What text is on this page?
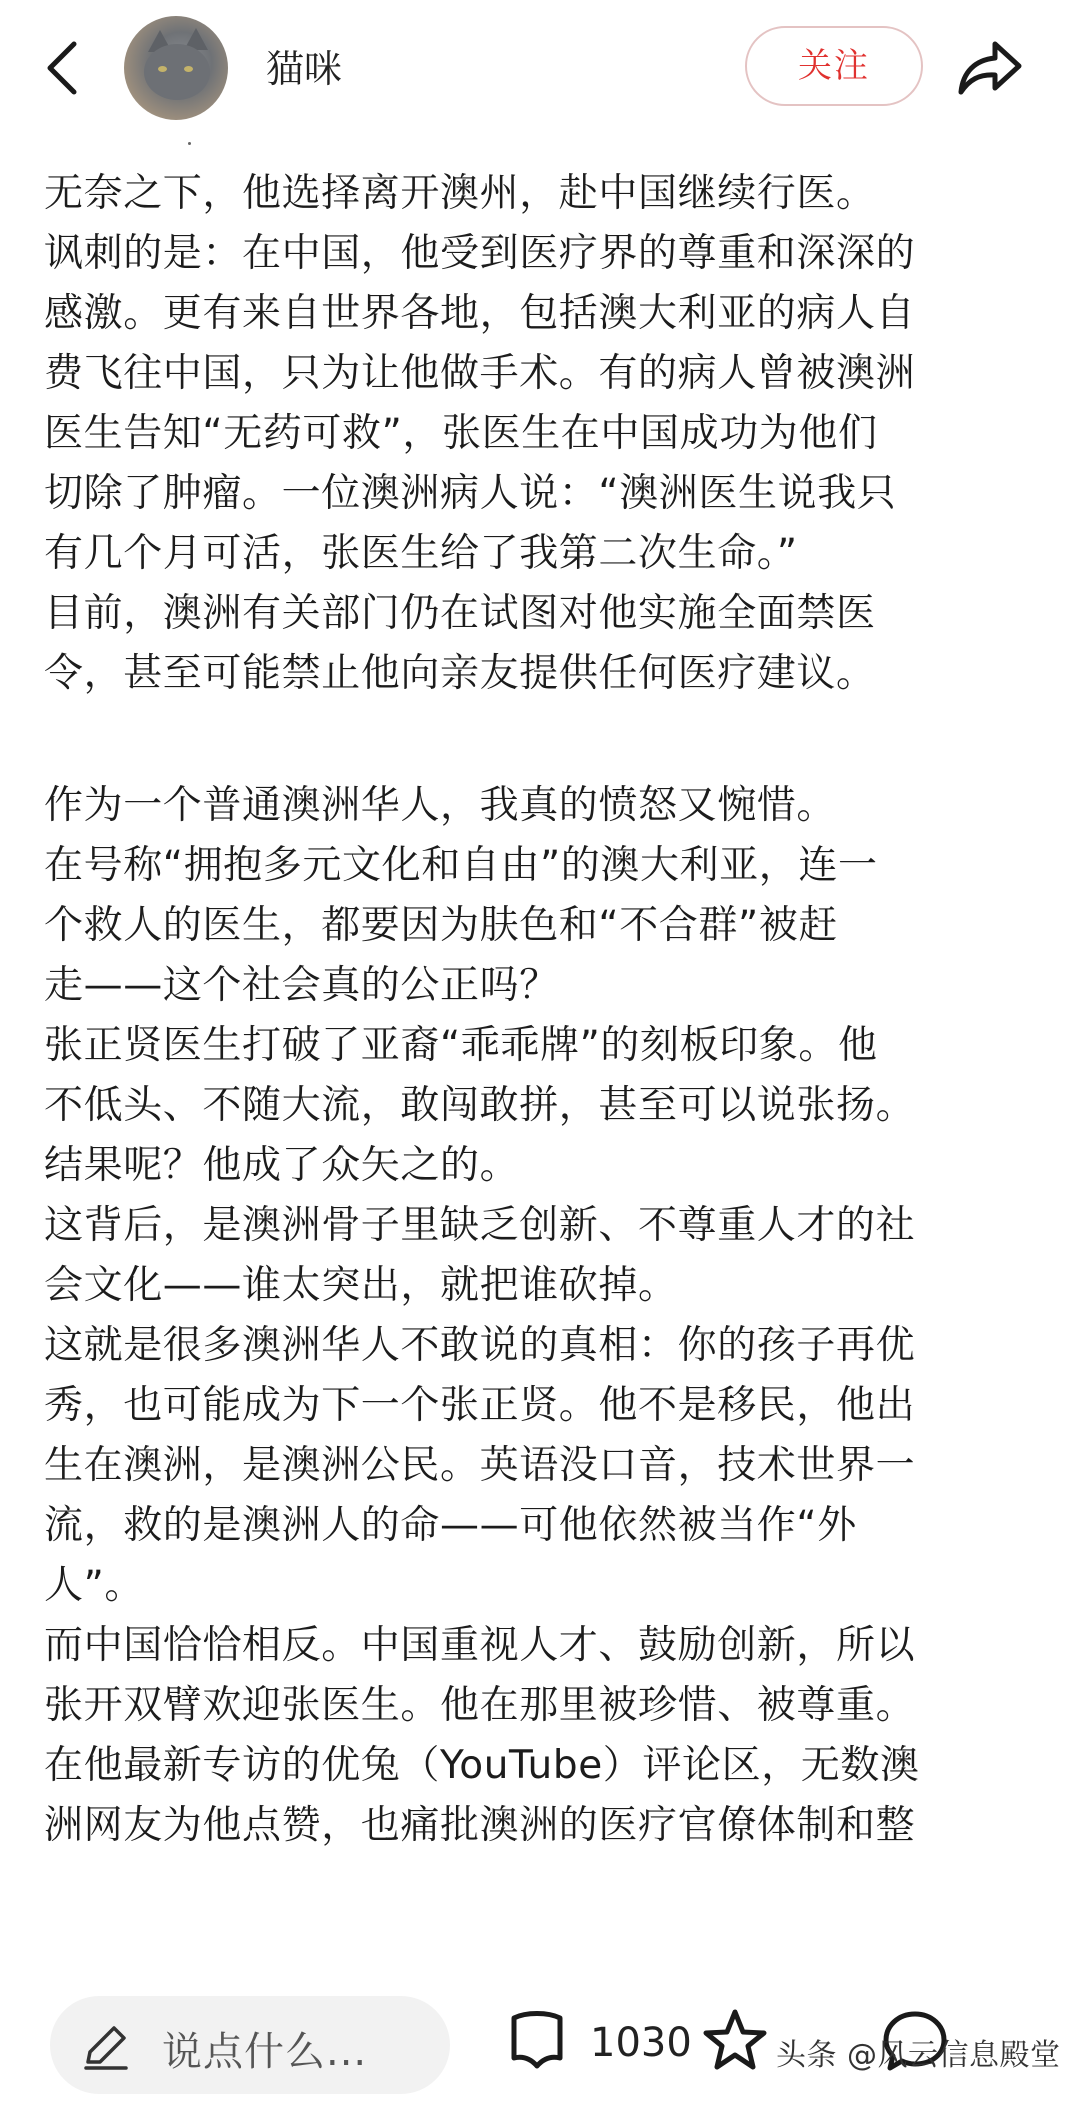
猫咪	关注
无奈之下，他选择离开澳州，赴中国继续行医。
讽刺的是：在中国，他受到医疗界的尊重和深深的
感激。更有来自世界各地，包括澳大利亚的病人自
费飞往中国，只为让他做手术。有的病人曾被澳洲
医生告知“无药可救”，张医生在中国成功为他们
切除了肿瘤。一位澳洲病人说：“澳洲医生说我只
有几个月可活，张医生给了我第二次生命。”
目前，澳洲有关部门仍在试图对他实施全面禁医
令，甚至可能禁止他向亲友提供任何医疗建议。
作为一个普通澳洲华人，我真的愤怒又惋惜。
在号称“拥抱多元文化和自由”的澳大利亚，连一
个救人的医生，都要因为肤色和“不合群”被赶
走——这个社会真的公正吗？
张正贤医生打破了亚裔“乖乖牌”的刻板印象。他
不低头、不随大流，敢闯敢拼，甚至可以说张扬。
结果呢？他成了众矢之的。
这背后，是澳洲骨子里缺乏创新、不尊重人才的社
会文化——谁太突出，就把谁砍掉。
这就是很多澳洲华人不敢说的真相：你的孩子再优
秀，也可能成为下一个张正贤。他不是移民，他出
生在澳洲，是澳洲公民。英语没口音，技术世界一
流，救的是澳洲人的命——可他依然被当作“外
人”。
而中国恰恰相反。中国重视人才、鼓励创新，所以
张开双臂欢迎张医生。他在那里被珍惜、被尊重。
在他最新专访的优兔（YouTube）评论区，无数澳
洲网友为他点赞，也痛批澳洲的医疗官僚体制和整
说点什么...	1030	头条 @风云信息殿堂
